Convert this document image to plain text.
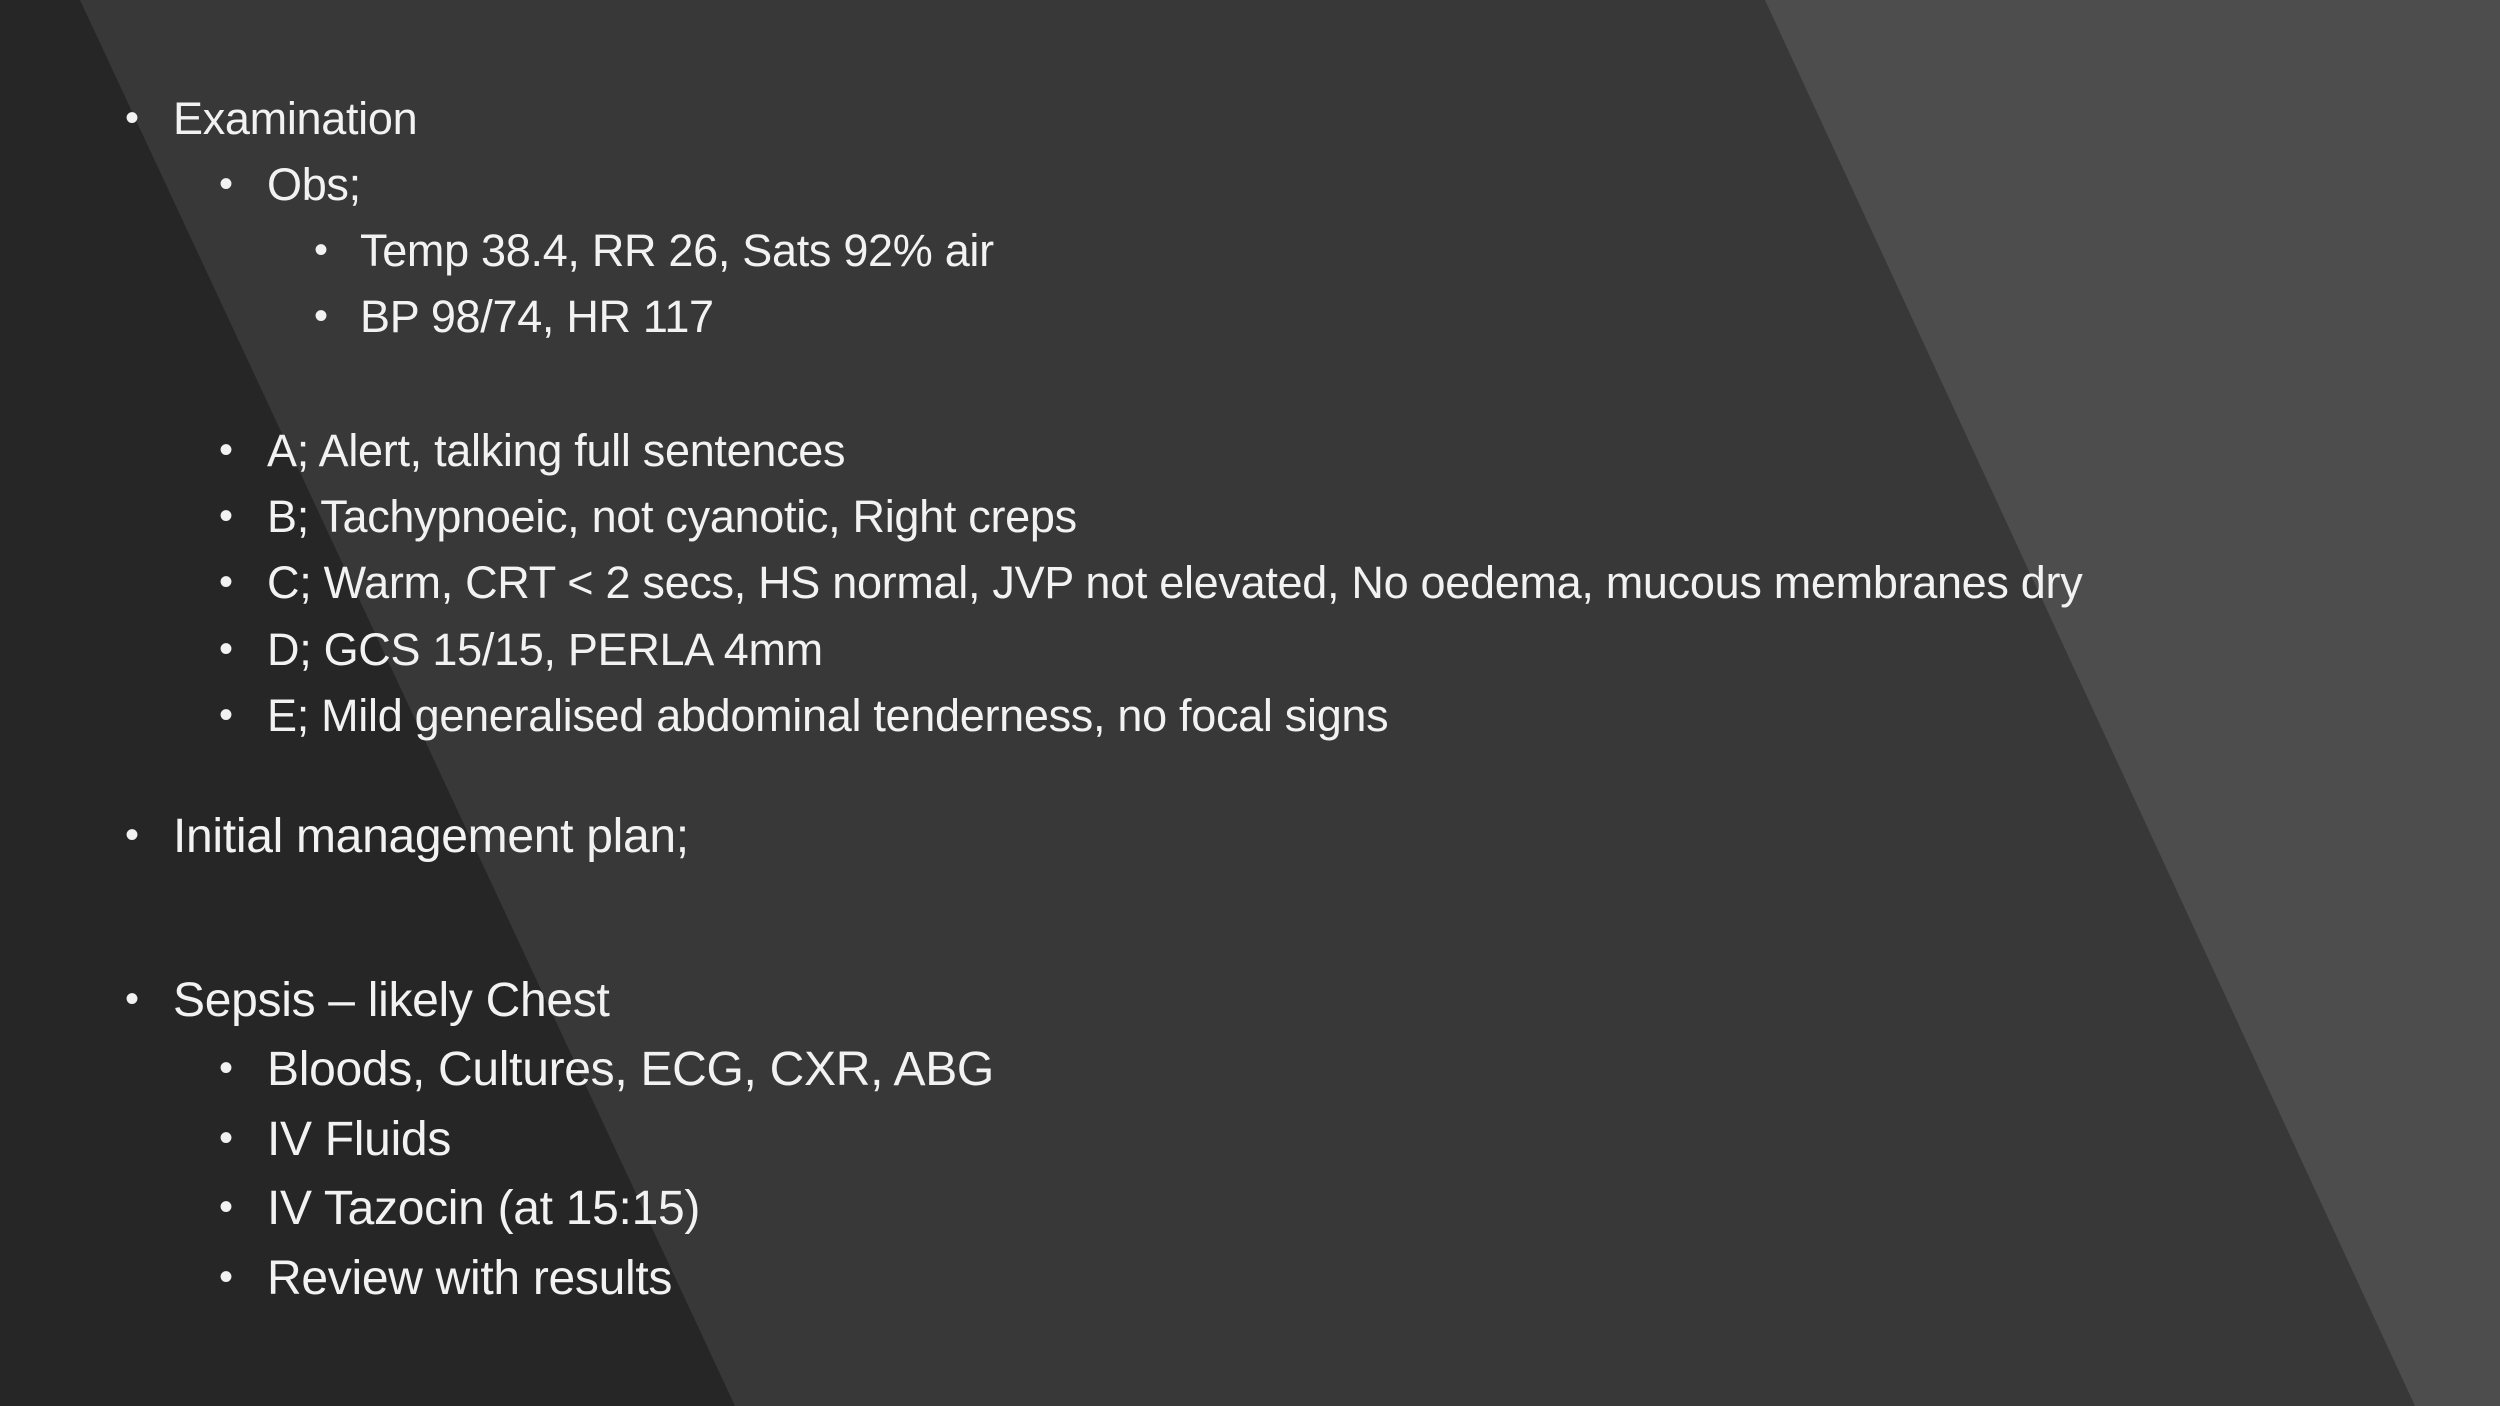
• Examination
• Obs;
• Temp 38.4, RR 26, Sats 92% air
• BP 98/74, HR 117
• A; Alert, talking full sentences
• B; Tachypnoeic, not cyanotic, Right creps
• C; Warm, CRT < 2 secs, HS normal, JVP not elevated, No oedema, mucous membranes dry
• D; GCS 15/15, PERLA 4mm
• E; Mild generalised abdominal tenderness, no focal signs
• Initial management plan;
• Sepsis – likely Chest
• Bloods, Cultures, ECG, CXR, ABG
• IV Fluids
• IV Tazocin (at 15:15)
• Review with results
